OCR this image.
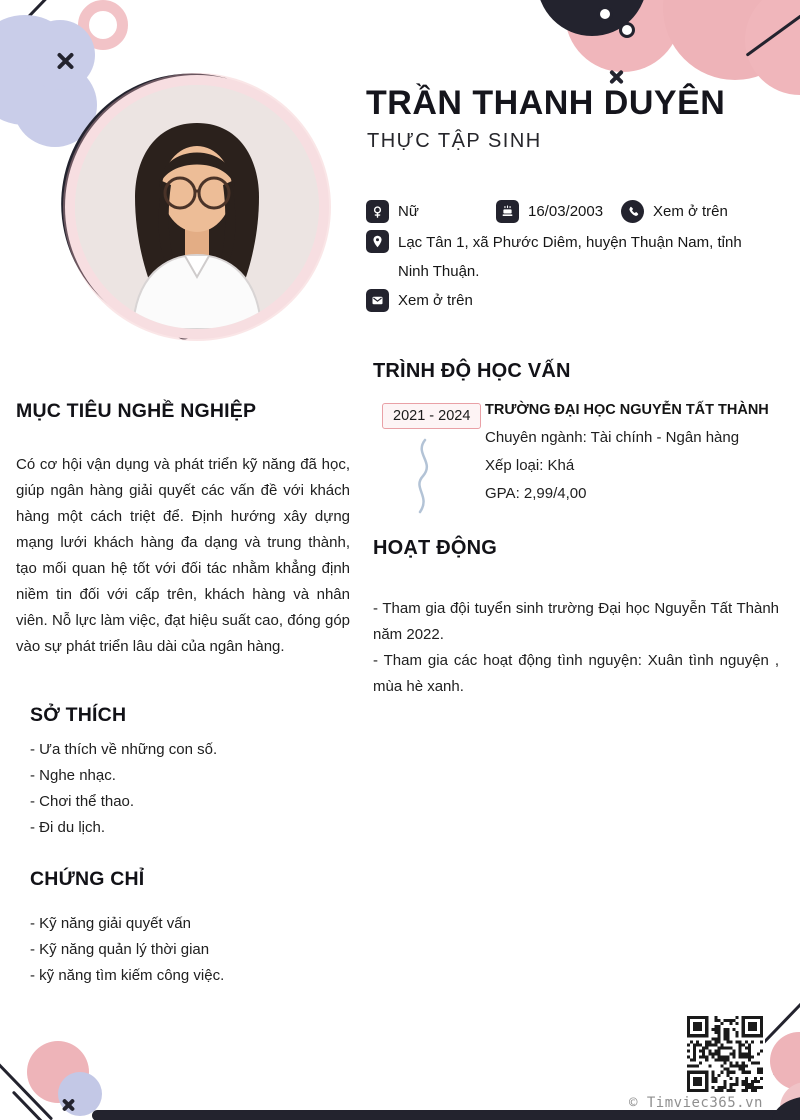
TRẦN THANH DUYÊN
THỰC TẬP SINH
Nữ	16/03/2003	Xem ở trên
Lạc Tân 1, xã Phước Diêm, huyện Thuận Nam, tỉnh Ninh Thuận.
Xem ở trên
TRÌNH ĐỘ HỌC VẤN
2021 - 2024	TRƯỜNG ĐẠI HỌC NGUYỄN TẤT THÀNH
Chuyên ngành: Tài chính - Ngân hàng
Xếp loại: Khá
GPA: 2,99/4,00
HOẠT ĐỘNG

- Tham gia đội tuyển sinh trường Đại học Nguyễn Tất Thành năm 2022.

- Tham gia các hoạt động tình nguyện: Xuân tình nguyện , mùa hè xanh.

MỤC TIÊU NGHỀ NGHIỆP
Có cơ hội vận dụng và phát triển kỹ năng đã học, giúp ngân hàng giải quyết các vấn đề với khách hàng một cách triệt để. Định hướng xây dựng mạng lưới khách hàng đa dạng và trung thành, tạo mối quan hệ tốt với đối tác nhằm khẳng định niềm tin đối với cấp trên, khách hàng và nhân viên. Nỗ lực làm việc, đạt hiệu suất cao, đóng góp vào sự phát triển lâu dài của ngân hàng.
SỞ THÍCH
- Ưa thích về những con số.
- Nghe nhạc.
- Chơi thể thao.
- Đi du lịch.
CHỨNG CHỈ
- Kỹ năng giải quyết vấn
- Kỹ năng quản lý thời gian
- kỹ năng tìm kiếm công việc.
© Timviec365.vn
